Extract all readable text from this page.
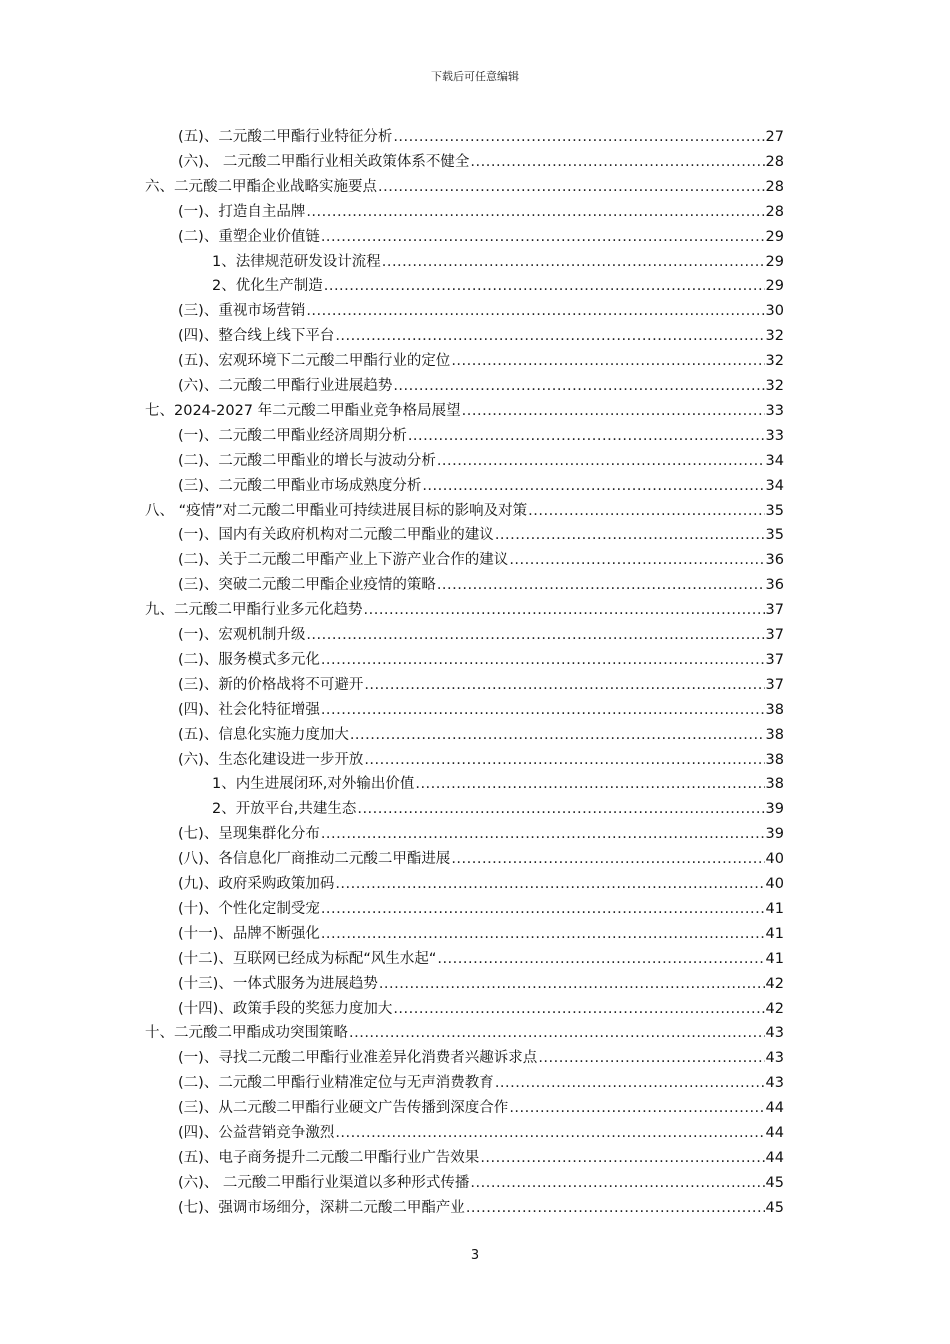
下载后可任意编辑
(五)、二元酸二甲酯行业特征分析 .....	27
(六)、 二元酸二甲酯行业相关政策体系不健全 .....	28
六、二元酸二甲酯企业战略实施要点 .....	28
(一)、打造自主品牌 .....	28
(二)、重塑企业价值链 .....	29
1、法律规范研发设计流程 .....	29
2、优化生产制造 .....	29
(三)、重视市场营销 .....	30
(四)、整合线上线下平台 .....	32
(五)、宏观环境下二元酸二甲酯行业的定位 .....	32
(六)、二元酸二甲酯行业进展趋势 .....	32
七、2024-2027 年二元酸二甲酯业竞争格局展望 .....	33
(一)、二元酸二甲酯业经济周期分析 .....	33
(二)、二元酸二甲酯业的增长与波动分析 .....	34
(三)、二元酸二甲酯业市场成熟度分析 .....	34
八、 “疫情”对二元酸二甲酯业可持续进展目标的影响及对策 .....	35
(一)、国内有关政府机构对二元酸二甲酯业的建议 .....	35
(二)、关于二元酸二甲酯产业上下游产业合作的建议 .....	36
(三)、突破二元酸二甲酯企业疫情的策略 .....	36
九、二元酸二甲酯行业多元化趋势 .....	37
(一)、宏观机制升级 .....	37
(二)、服务模式多元化 .....	37
(三)、新的价格战将不可避开 .....	37
(四)、社会化特征增强 .....	38
(五)、信息化实施力度加大 .....	38
(六)、生态化建设进一步开放 .....	38
1、内生进展闭环,对外输出价值 .....	38
2、开放平台,共建生态 .....	39
(七)、呈现集群化分布 .....	39
(八)、各信息化厂商推动二元酸二甲酯进展 .....	40
(九)、政府采购政策加码 .....	40
(十)、个性化定制受宠 .....	41
(十一)、品牌不断强化 .....	41
(十二)、互联网已经成为标配“风生水起“ .....	41
(十三)、一体式服务为进展趋势 .....	42
(十四)、政策手段的奖惩力度加大 .....	42
十、二元酸二甲酯成功突围策略 .....	43
(一)、寻找二元酸二甲酯行业准差异化消费者兴趣诉求点 .....	43
(二)、二元酸二甲酯行业精准定位与无声消费教育 .....	43
(三)、从二元酸二甲酯行业硬文广告传播到深度合作 .....	44
(四)、公益营销竞争激烈 .....	44
(五)、电子商务提升二元酸二甲酯行业广告效果 .....	44
(六)、 二元酸二甲酯行业渠道以多种形式传播 .....	45
(七)、强调市场细分，深耕二元酸二甲酯产业 .....	45
3
